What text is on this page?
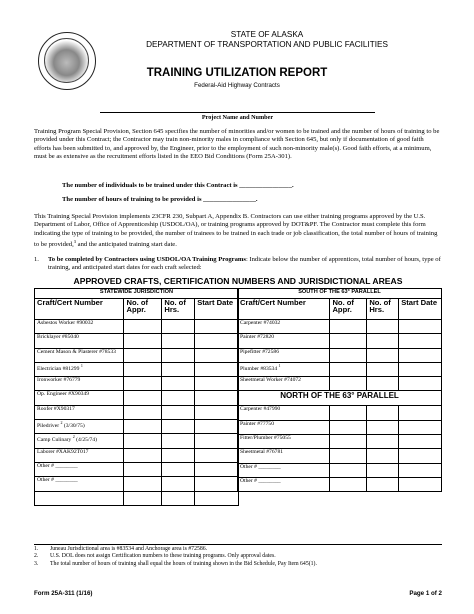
STATE OF ALASKA
DEPARTMENT OF TRANSPORTATION AND PUBLIC FACILITIES
TRAINING UTILIZATION REPORT
Federal-Aid Highway Contracts
Project Name and Number
Training Program Special Provision, Section 645 specifies the number of minorities and/or women to be trained and the number of hours of training to be provided under this Contract; the Contractor may train non-minority males in compliance with Section 645, but only if documentation of good faith efforts has been submitted to, and approved by, the Engineer, prior to the employment of such non-minority male(s). Good faith efforts, at a minimum, must be as extensive as the recruitment efforts listed in the EEO Bid Conditions (Form 25A-301).
The number of individuals to be trained under this Contract is ________________.
The number of hours of training to be provided is ________________.
This Training Special Provision implements 23CFR 230, Subpart A, Appendix B. Contractors can use either training programs approved by the U.S. Department of Labor, Office of Apprenticeship (USDOL/OA), or training programs approved by DOT&PF. The Contractor must complete this form indicating the type of training to be provided, the number of trainees to be trained in each trade or job classification, the total number of hours of training to be provided,$^3$ and the anticipated training start date.
1.	To be completed by Contractors using USDOL/OA Training Programs: Indicate below the number of apprentices, total number of hours, type of training, and anticipated start dates for each craft selected:
APPROVED CRAFTS, CERTIFICATION NUMBERS AND JURISDICTIONAL AREAS
STATEWIDE JURISDICTION			
Craft/Cert Number	No. of Appr.	No. of Hrs.	Start Date
Asbestos Worker #90032			
Bricklayer #85040			
Cement Mason & Plasterer #78533			
Electrician #81299 $^1$			
Ironworker #76779			
Op. Engineer #X90349			
Roofer #X90317			
Piledriver $^2$ (3/30/75)			
Camp Culinary $^2$ (4/25/74)			
Laborer #XAK92T017			
Other # ________			
Other # ________			

SOUTH OF THE 63° PARALLEL			
Craft/Cert Number	No. of Appr.	No. of Hrs.	Start Date
Carpenter #74032			
Painter #72820			
Pipefitter #72586			
Plumber #83534 $^1$			
Sheetmetal Worker #74072			
NORTH OF THE 63° PARALLEL			
Carpenter #47990			
Painter #77750			
Fitter/Plumber #75055			
Sheetmetal #76781			
Other # ________			
Other # ________			
1. Juneau Jurisdictional area is #83534 and Anchorage area is #72586.
2. U.S. DOL does not assign Certification numbers to these training programs. Only approval dates.
3. The total number of hours of training shall equal the hours of training shown in the Bid Schedule, Pay Item 645(1).
Form 25A-311 (1/16)	Page 1 of 2
